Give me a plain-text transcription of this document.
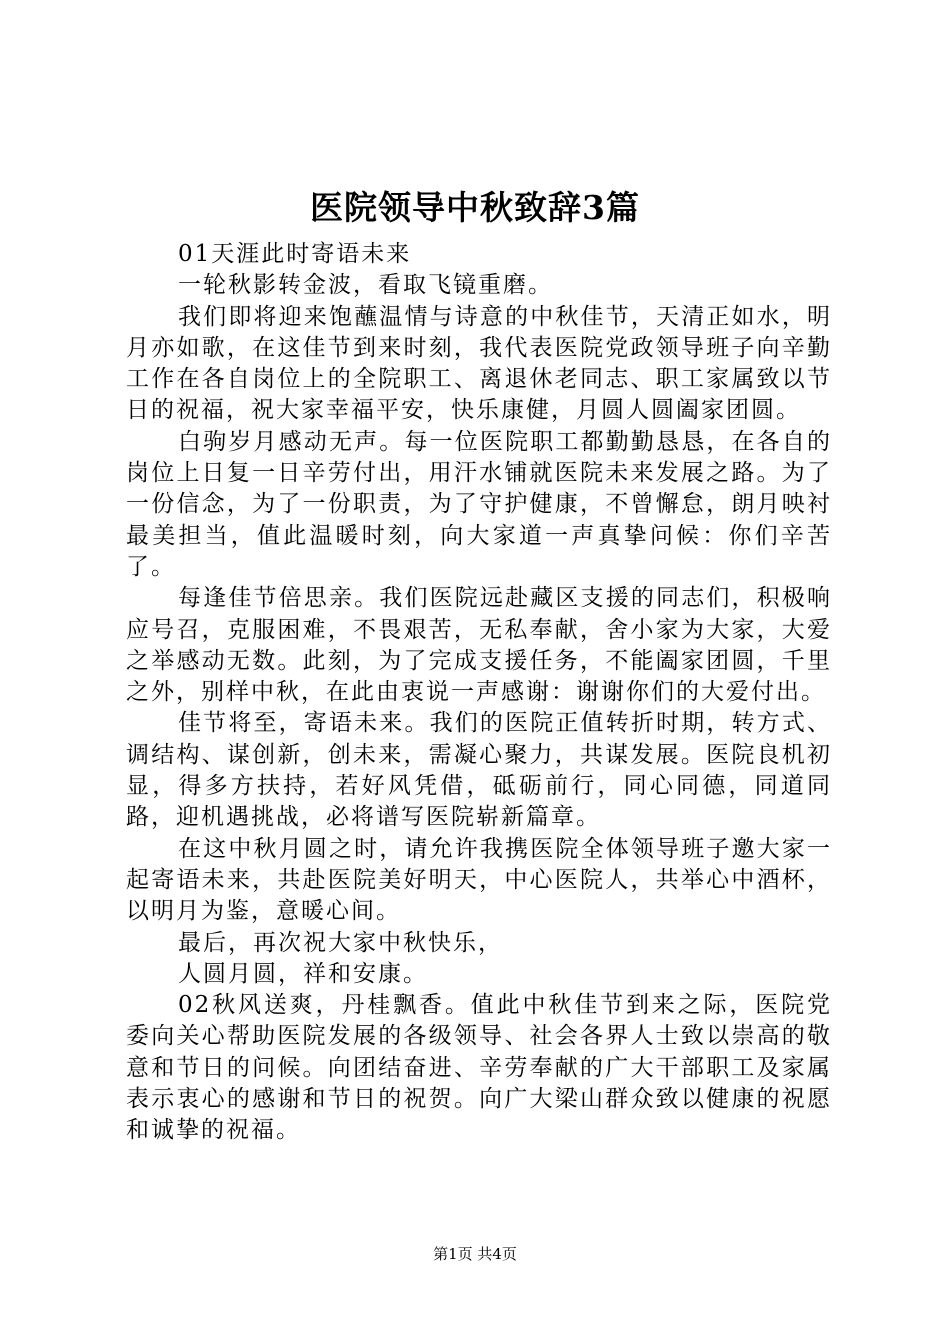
医院领导中秋致辞3篇

01天涯此时寄语未来

一轮秋影转金波，看取飞镜重磨。

我们即将迎来饱蘸温情与诗意的中秋佳节，天清正如水，明月亦如歌，在这佳节到来时刻，我代表医院党政领导班子向辛勤工作在各自岗位上的全院职工、离退休老同志、职工家属致以节日的祝福，祝大家幸福平安，快乐康健，月圆人圆阖家团圆。

白驹岁月感动无声。每一位医院职工都勤勤恳恳，在各自的岗位上日复一日辛劳付出，用汗水铺就医院未来发展之路。为了一份信念，为了一份职责，为了守护健康，不曾懈怠，朗月映衬最美担当，值此温暖时刻，向大家道一声真挚问候：你们辛苦了。

每逢佳节倍思亲。我们医院远赴藏区支援的同志们，积极响应号召，克服困难，不畏艰苦，无私奉献，舍小家为大家，大爱之举感动无数。此刻，为了完成支援任务，不能阖家团圆，千里之外，别样中秋，在此由衷说一声感谢：谢谢你们的大爱付出。

佳节将至，寄语未来。我们的医院正值转折时期，转方式、调结构、谋创新，创未来，需凝心聚力，共谋发展。医院良机初显，得多方扶持，若好风凭借，砥砺前行，同心同德，同道同路，迎机遇挑战，必将谱写医院崭新篇章。

在这中秋月圆之时，请允许我携医院全体领导班子邀大家一起寄语未来，共赴医院美好明天，中心医院人，共举心中酒杯，以明月为鉴，意暖心间。

最后，再次祝大家中秋快乐，

人圆月圆，祥和安康。

02秋风送爽，丹桂飘香。值此中秋佳节到来之际，医院党委向关心帮助医院发展的各级领导、社会各界人士致以崇高的敬意和节日的问候。向团结奋进、辛劳奉献的广大干部职工及家属表示衷心的感谢和节日的祝贺。向广大梁山群众致以健康的祝愿和诚挚的祝福。

第1页 共4页
